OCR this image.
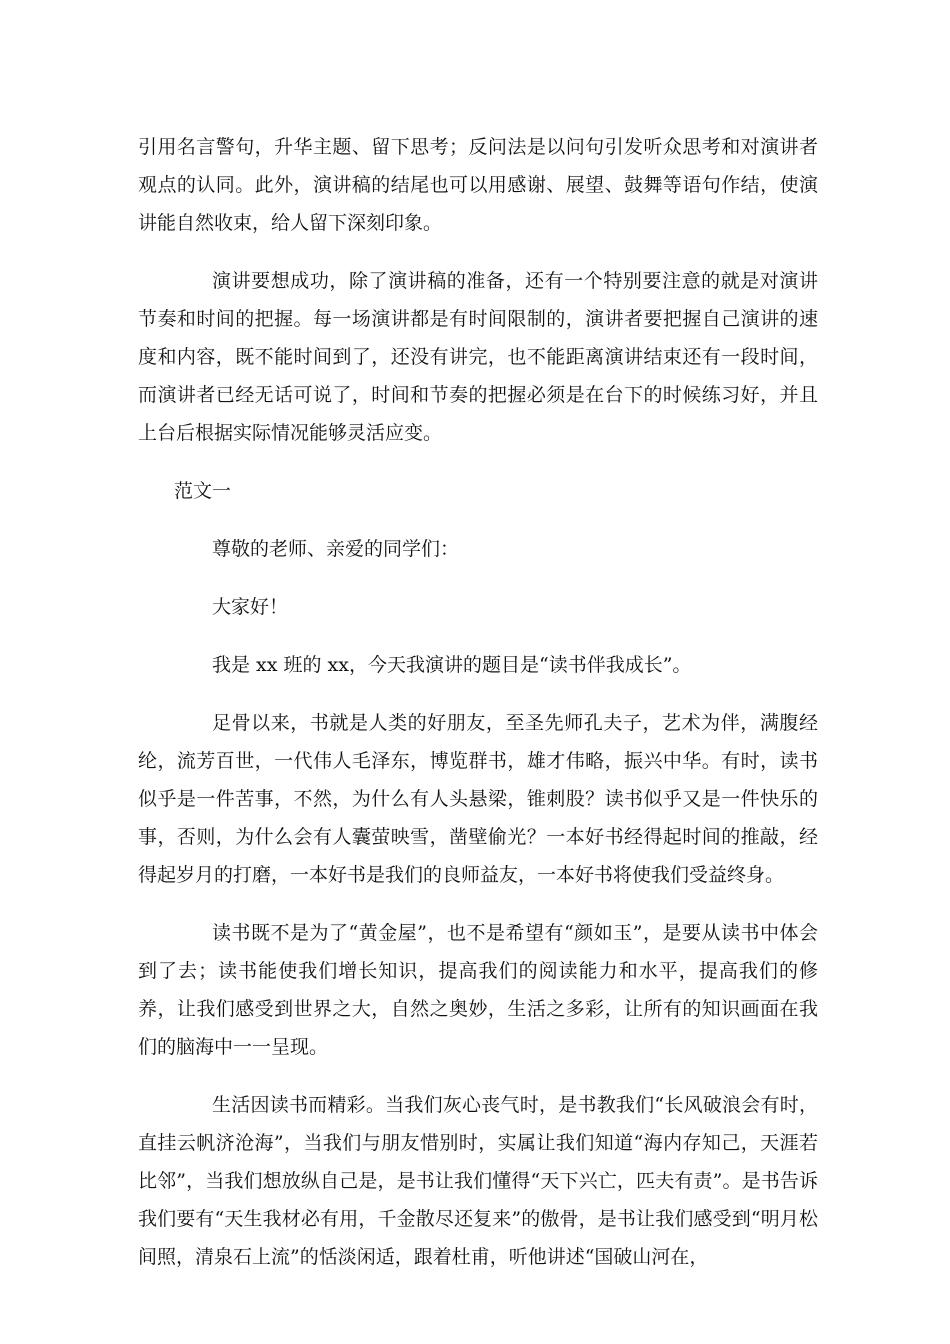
引用名言警句，升华主题、留下思考；反问法是以问句引发听众思考和对演讲者观点的认同。此外，演讲稿的结尾也可以用感谢、展望、鼓舞等语句作结，使演讲能自然收束，给人留下深刻印象。

演讲要想成功，除了演讲稿的准备，还有一个特别要注意的就是对演讲节奏和时间的把握。每一场演讲都是有时间限制的，演讲者要把握自己演讲的速度和内容，既不能时间到了，还没有讲完，也不能距离演讲结束还有一段时间，而演讲者已经无话可说了，时间和节奏的把握必须是在台下的时候练习好，并且上台后根据实际情况能够灵活应变。

范文一

尊敬的老师、亲爱的同学们：

大家好！

我是 xx 班的 xx，今天我演讲的题目是“读书伴我成长”。

足骨以来，书就是人类的好朋友，至圣先师孔夫子，艺术为伴，满腹经纶，流芳百世，一代伟人毛泽东，博览群书，雄才伟略，振兴中华。有时，读书似乎是一件苦事，不然，为什么有人头悬梁，锥刺股？读书似乎又是一件快乐的事，否则，为什么会有人囊萤映雪，凿壁偷光？一本好书经得起时间的推敲，经得起岁月的打磨，一本好书是我们的良师益友，一本好书将使我们受益终身。

读书既不是为了“黄金屋”，也不是希望有“颜如玉”，是要从读书中体会到了去；读书能使我们增长知识，提高我们的阅读能力和水平，提高我们的修养，让我们感受到世界之大，自然之奥妙，生活之多彩，让所有的知识画面在我们的脑海中一一呈现。

生活因读书而精彩。当我们灰心丧气时，是书教我们“长风破浪会有时，直挂云帆济沧海”，当我们与朋友惜别时，实属让我们知道“海内存知己，天涯若比邻”，当我们想放纵自己是，是书让我们懂得“天下兴亡，匹夫有责”。是书告诉我们要有“天生我材必有用，千金散尽还复来”的傲骨，是书让我们感受到“明月松间照，清泉石上流”的恬淡闲适，跟着杜甫，听他讲述“国破山河在，
